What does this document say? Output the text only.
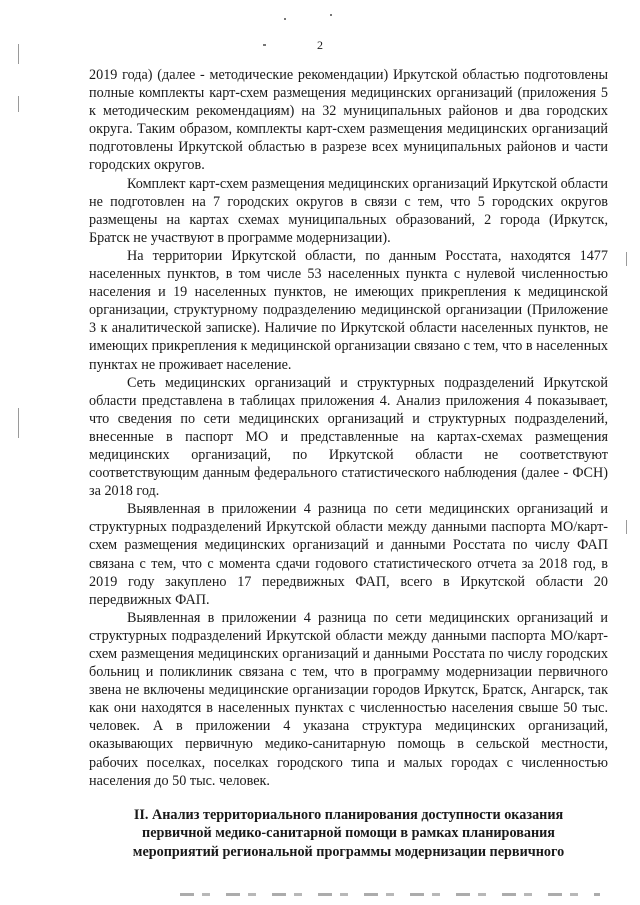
2

2019 года) (далее - методические рекомендации) Иркутской областью подготовлены полные комплекты карт-схем размещения медицинских организаций (приложения 5 к методическим рекомендациям) на 32 муниципальных районов и два городских округа. Таким образом, комплекты карт-схем размещения медицинских организаций подготовлены Иркутской областью в разрезе всех муниципальных районов и части городских округов.

Комплект карт-схем размещения медицинских организаций Иркутской области не подготовлен на 7 городских округов в связи с тем, что 5 городских округов размещены на картах схемах муниципальных образований, 2 города (Иркутск, Братск не участвуют в программе модернизации).

На территории Иркутской области, по данным Росстата, находятся 1477 населенных пунктов, в том числе 53 населенных пункта с нулевой численностью населения и 19 населенных пунктов, не имеющих прикрепления к медицинской организации, структурному подразделению медицинской организации (Приложение 3 к аналитической записке). Наличие по Иркутской области населенных пунктов, не имеющих прикрепления к медицинской организации связано с тем, что в населенных пунктах не проживает население.

Сеть медицинских организаций и структурных подразделений Иркутской области представлена в таблицах приложения 4. Анализ приложения 4 показывает, что сведения по сети медицинских организаций и структурных подразделений, внесенные в паспорт МО и представленные на картах-схемах размещения медицинских организаций, по Иркутской области не соответствуют соответствующим данным федерального статистического наблюдения (далее - ФСН) за 2018 год.

Выявленная в приложении 4 разница по сети медицинских организаций и структурных подразделений Иркутской области между данными паспорта МО/карт-схем размещения медицинских организаций и данными Росстата по числу ФАП связана с тем, что с момента сдачи годового статистического отчета за 2018 год, в 2019 году закуплено 17 передвижных ФАП, всего в Иркутской области 20 передвижных ФАП.

Выявленная в приложении 4 разница по сети медицинских организаций и структурных подразделений Иркутской области между данными паспорта МО/карт-схем размещения медицинских организаций и данными Росстата по числу городских больниц и поликлиник связана с тем, что в программу модернизации первичного звена не включены медицинские организации городов Иркутск, Братск, Ангарск, так как они находятся в населенных пунктах с численностью населения свыше 50 тыс. человек. А в приложении 4 указана структура медицинских организаций, оказывающих первичную медико-санитарную помощь в сельской местности, рабочих поселках, поселках городского типа и малых городах с численностью населения до 50 тыс. человек.

II. Анализ территориального планирования доступности оказания первичной медико-санитарной помощи в рамках планирования мероприятий региональной программы модернизации первичного
